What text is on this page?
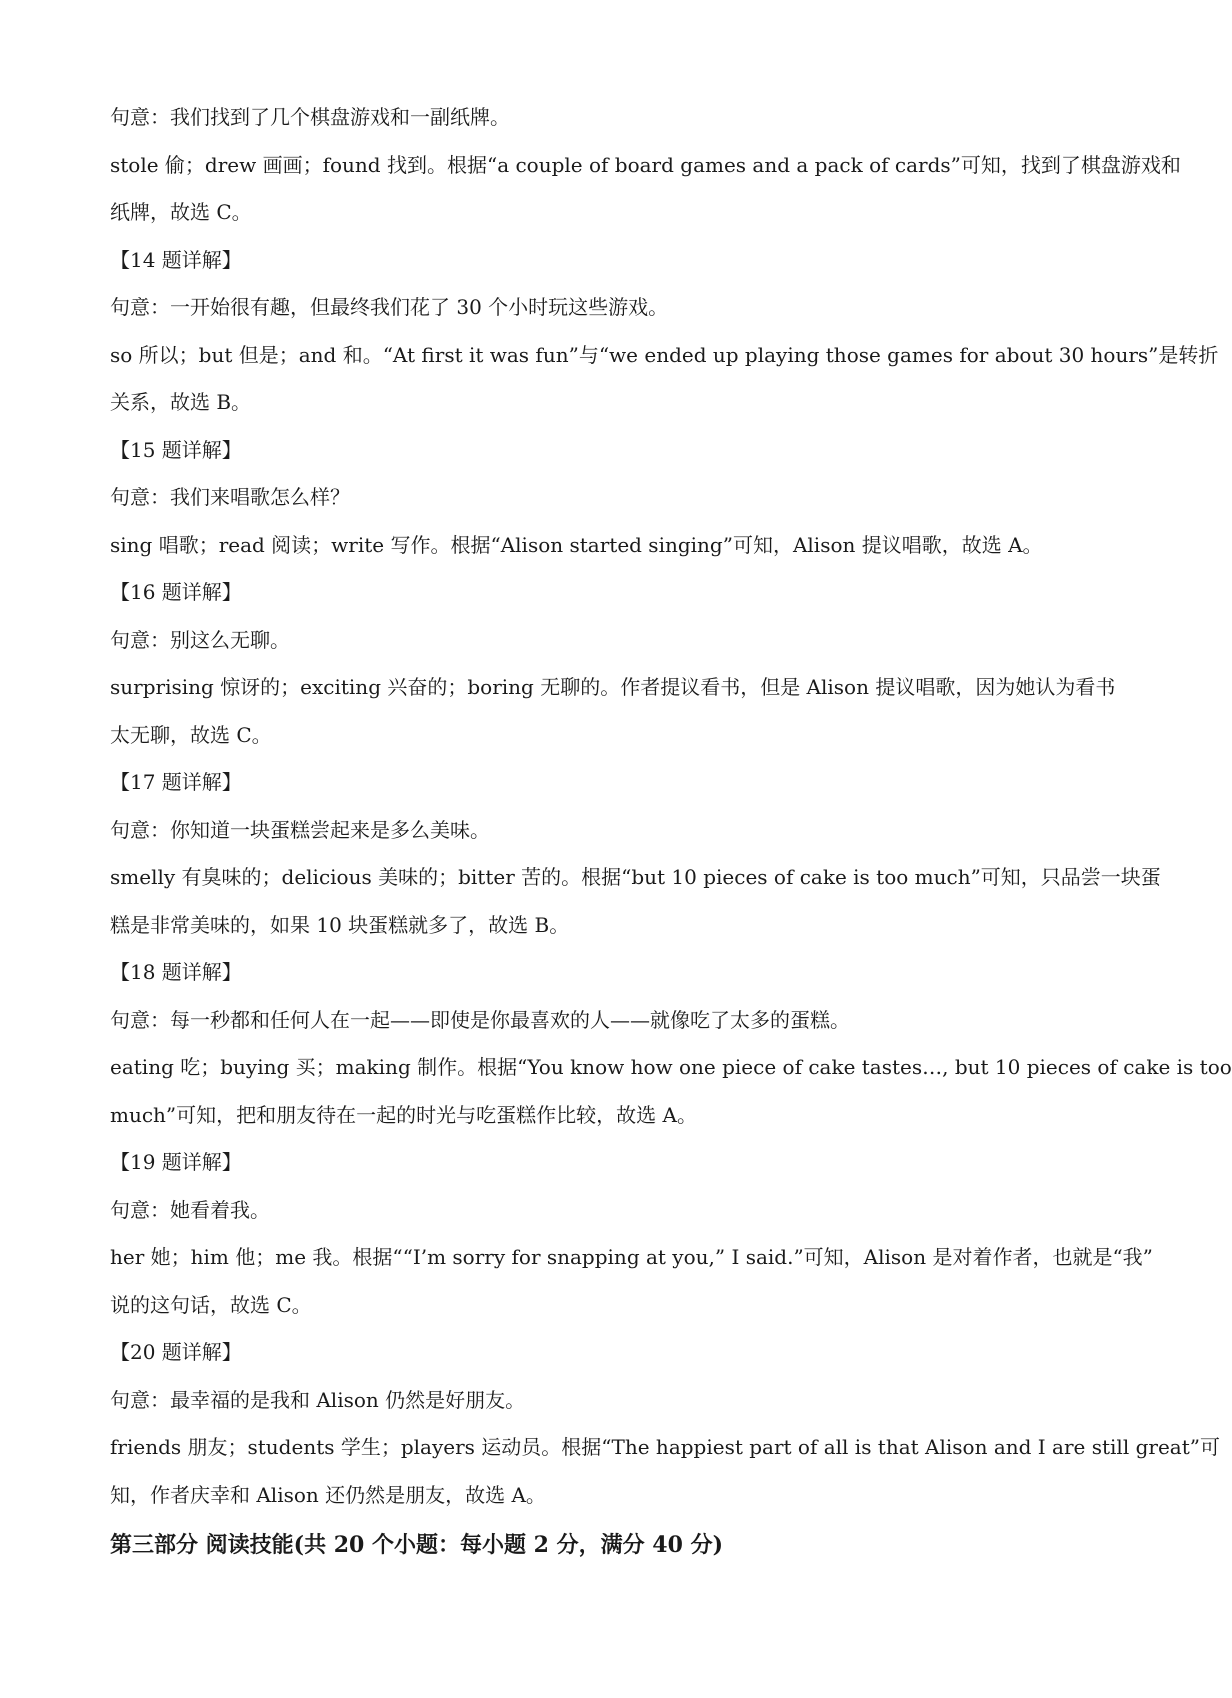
句意：我们找到了几个棋盘游戏和一副纸牌。
stole 偷；drew 画画；found 找到。根据“a couple of board games and a pack of cards”可知，找到了棋盘游戏和
纸牌，故选 C。
【14 题详解】
句意：一开始很有趣，但最终我们花了 30 个小时玩这些游戏。
so 所以；but 但是；and 和。“At first it was fun”与“we ended up playing those games for about 30 hours”是转折
关系，故选 B。
【15 题详解】
句意：我们来唱歌怎么样？
sing 唱歌；read 阅读；write 写作。根据“Alison started singing”可知，Alison 提议唱歌，故选 A。
【16 题详解】
句意：别这么无聊。
surprising 惊讶的；exciting 兴奋的；boring 无聊的。作者提议看书，但是 Alison 提议唱歌，因为她认为看书
太无聊，故选 C。
【17 题详解】
句意：你知道一块蛋糕尝起来是多么美味。
smelly 有臭味的；delicious 美味的；bitter 苦的。根据“but 10 pieces of cake is too much”可知，只品尝一块蛋
糕是非常美味的，如果 10 块蛋糕就多了，故选 B。
【18 题详解】
句意：每一秒都和任何人在一起——即使是你最喜欢的人——就像吃了太多的蛋糕。
eating 吃；buying 买；making 制作。根据“You know how one piece of cake tastes…, but 10 pieces of cake is too
much”可知，把和朋友待在一起的时光与吃蛋糕作比较，故选 A。
【19 题详解】
句意：她看着我。
her 她；him 他；me 我。根据““I’m sorry for snapping at you,” I said.”可知，Alison 是对着作者，也就是“我”
说的这句话，故选 C。
【20 题详解】
句意：最幸福的是我和 Alison 仍然是好朋友。
friends 朋友；students 学生；players 运动员。根据“The happiest part of all is that Alison and I are still great”可
知，作者庆幸和 Alison 还仍然是朋友，故选 A。
第三部分 阅读技能(共 20 个小题：每小题 2 分，满分 40 分)
